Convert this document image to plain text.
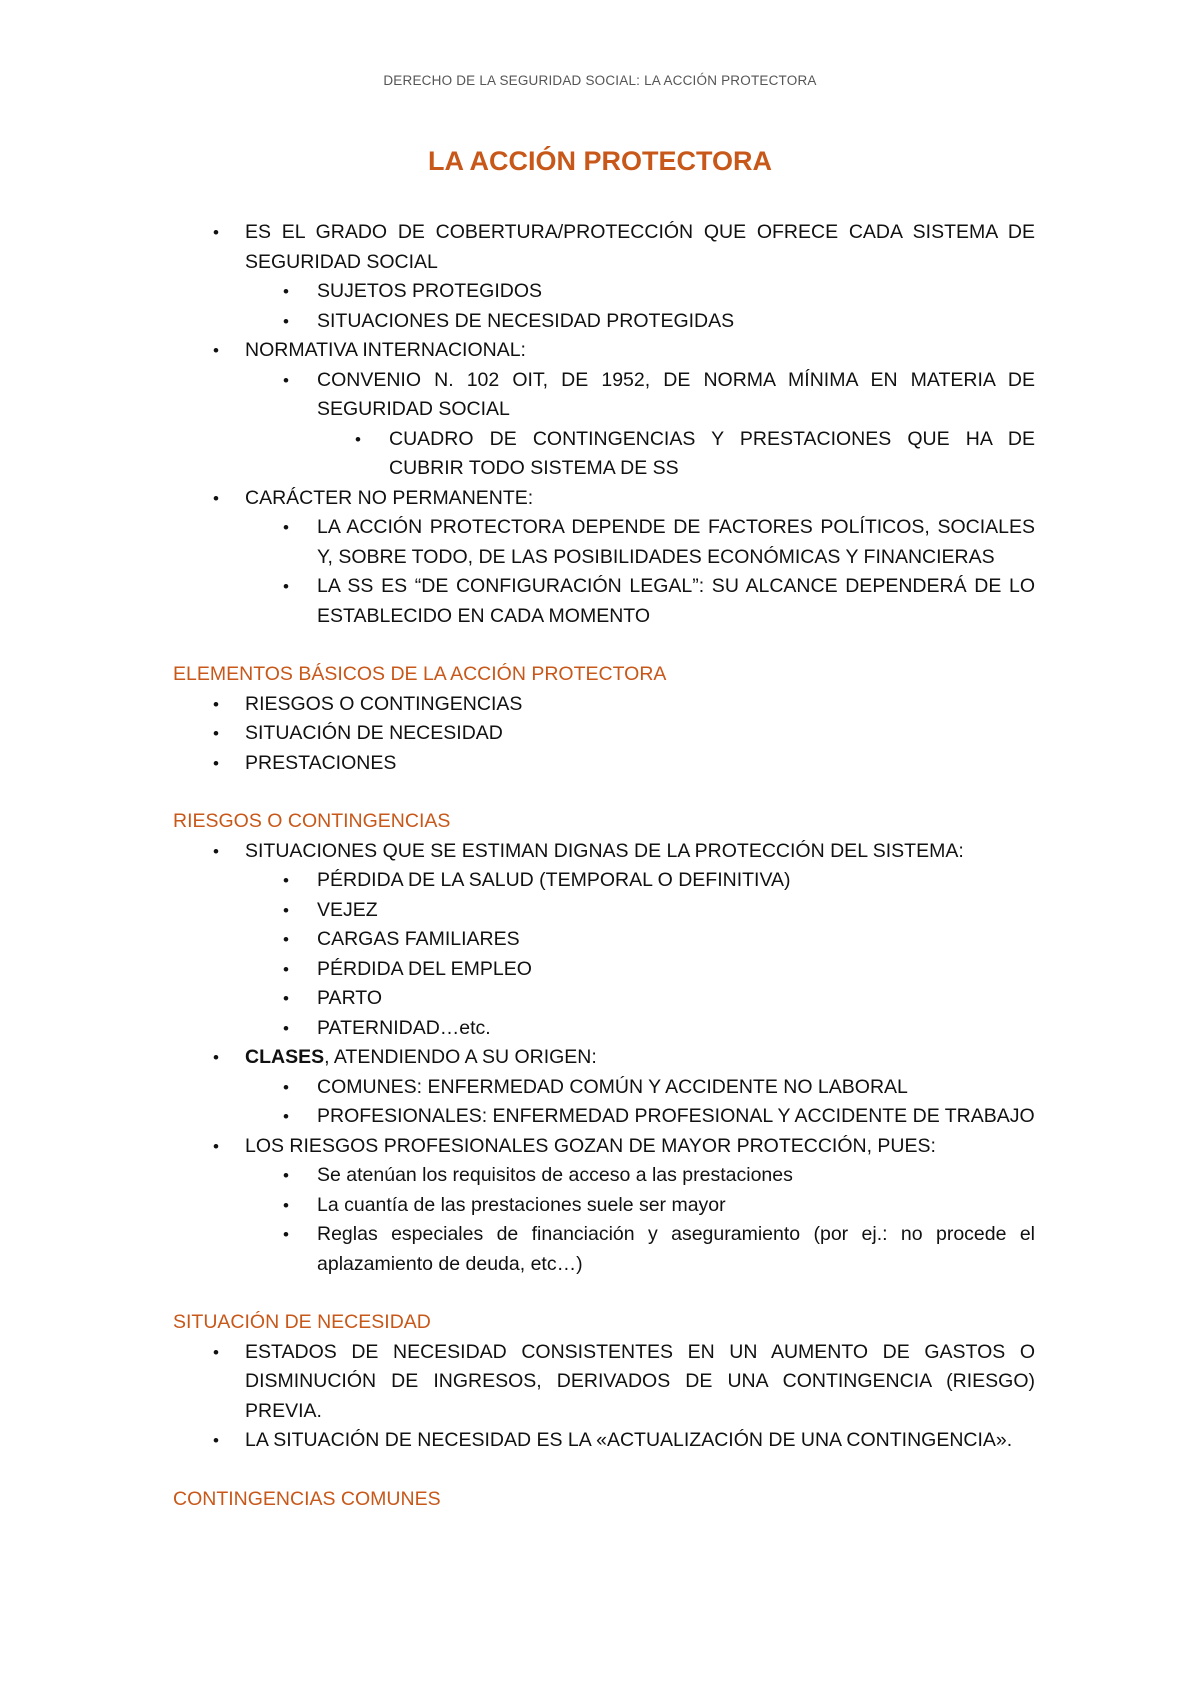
DERECHO DE LA SEGURIDAD SOCIAL: LA ACCIÓN PROTECTORA
LA ACCIÓN PROTECTORA
• ES EL GRADO DE COBERTURA/PROTECCIÓN QUE OFRECE CADA SISTEMA DE SEGURIDAD SOCIAL
• SUJETOS PROTEGIDOS
• SITUACIONES DE NECESIDAD PROTEGIDAS
• NORMATIVA INTERNACIONAL:
• CONVENIO N. 102 OIT, DE 1952, DE NORMA MÍNIMA EN MATERIA DE SEGURIDAD SOCIAL
• CUADRO DE CONTINGENCIAS Y PRESTACIONES QUE HA DE CUBRIR TODO SISTEMA DE SS
• CARÁCTER NO PERMANENTE:
• LA ACCIÓN PROTECTORA DEPENDE DE FACTORES POLÍTICOS, SOCIALES Y, SOBRE TODO, DE LAS POSIBILIDADES ECONÓMICAS Y FINANCIERAS
• LA SS ES “DE CONFIGURACIÓN LEGAL”: SU ALCANCE DEPENDERÁ DE LO ESTABLECIDO EN CADA MOMENTO
ELEMENTOS BÁSICOS DE LA ACCIÓN PROTECTORA
• RIESGOS O CONTINGENCIAS
• SITUACIÓN DE NECESIDAD
• PRESTACIONES
RIESGOS O CONTINGENCIAS
• SITUACIONES QUE SE ESTIMAN DIGNAS DE LA PROTECCIÓN DEL SISTEMA:
• PÉRDIDA DE LA SALUD (TEMPORAL O DEFINITIVA)
• VEJEZ
• CARGAS FAMILIARES
• PÉRDIDA DEL EMPLEO
• PARTO
• PATERNIDAD…etc.
• CLASES, ATENDIENDO A SU ORIGEN:
• COMUNES: ENFERMEDAD COMÚN Y ACCIDENTE NO LABORAL
• PROFESIONALES: ENFERMEDAD PROFESIONAL Y ACCIDENTE DE TRABAJO
• LOS RIESGOS PROFESIONALES GOZAN DE MAYOR PROTECCIÓN, PUES:
• Se atenúan los requisitos de acceso a las prestaciones
• La cuantía de las prestaciones suele ser mayor
• Reglas especiales de financiación y aseguramiento (por ej.: no procede el aplazamiento de deuda, etc…)
SITUACIÓN DE NECESIDAD
• ESTADOS DE NECESIDAD CONSISTENTES EN UN AUMENTO DE GASTOS O DISMINUCIÓN DE INGRESOS, DERIVADOS DE UNA CONTINGENCIA (RIESGO) PREVIA.
• LA SITUACIÓN DE NECESIDAD ES LA «ACTUALIZACIÓN DE UNA CONTINGENCIA».
CONTINGENCIAS COMUNES
